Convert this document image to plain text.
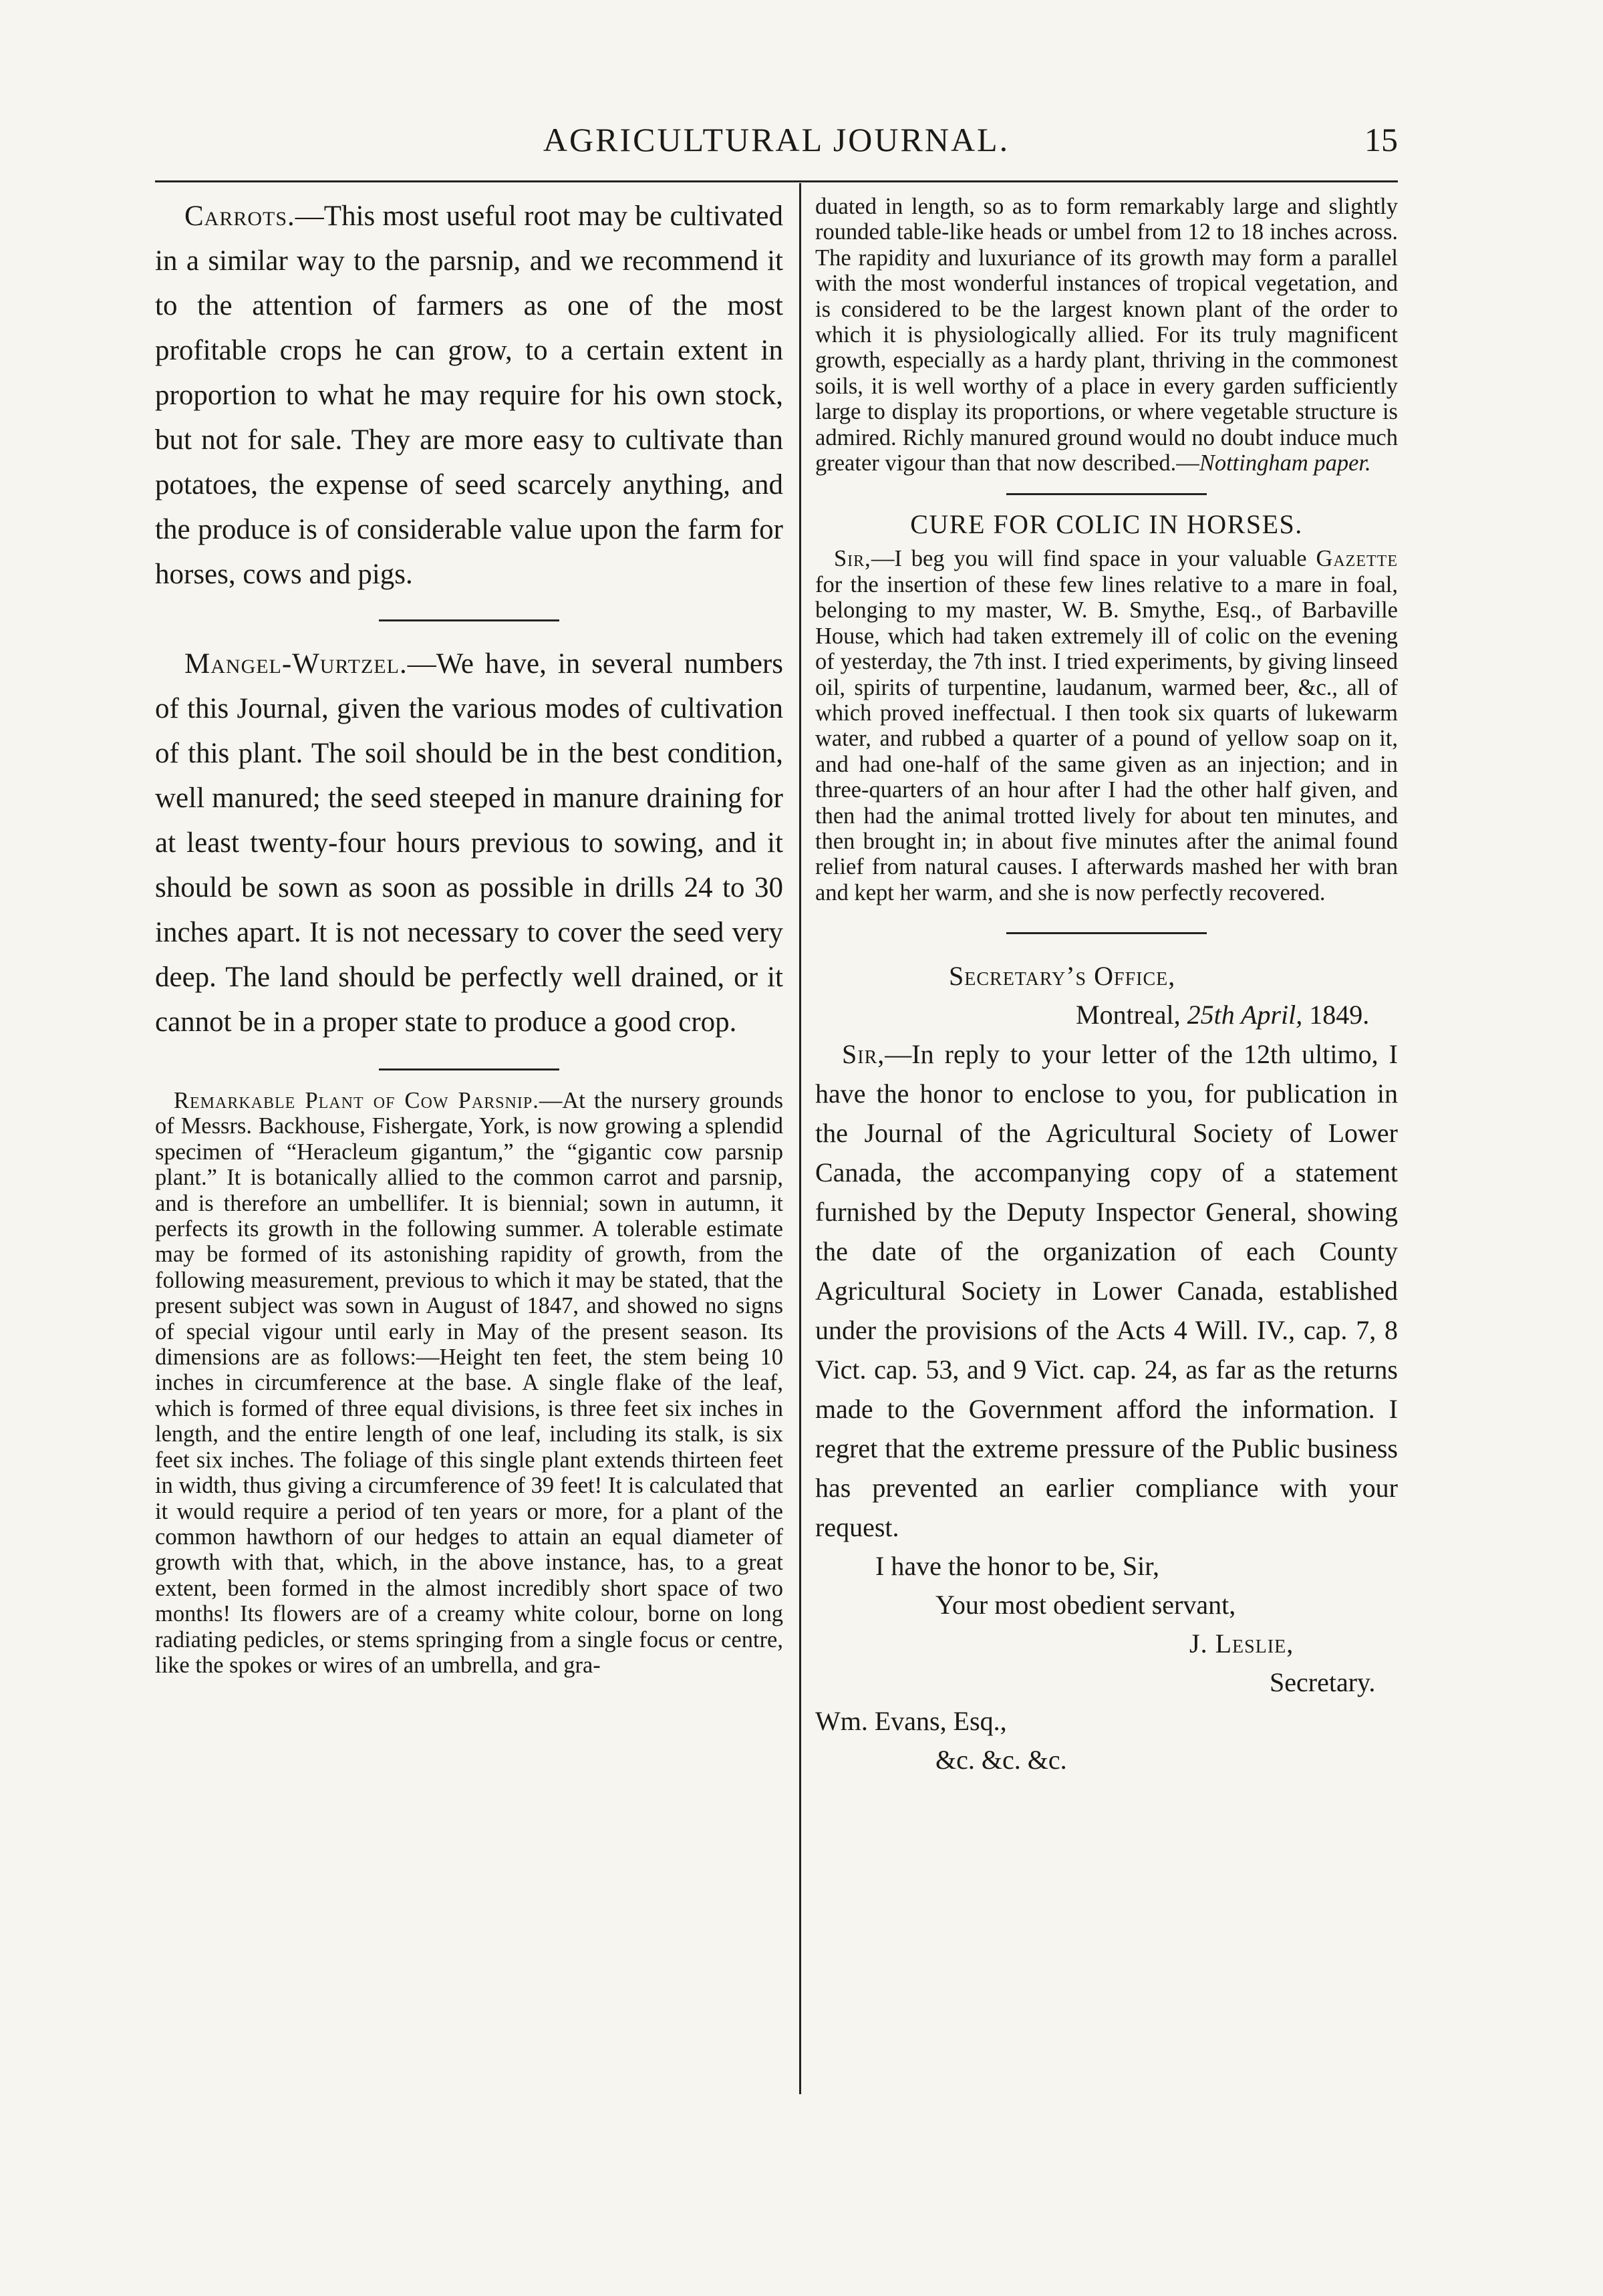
AGRICULTURAL JOURNAL.	15

Carrots.—This most useful root may be cultivated in a similar way to the parsnip, and we recommend it to the attention of farmers as one of the most profitable crops he can grow, to a certain extent in proportion to what he may require for his own stock, but not for sale. They are more easy to cultivate than potatoes, the expense of seed scarcely anything, and the produce is of considerable value upon the farm for horses, cows and pigs.

Mangel-Wurtzel.—We have, in several numbers of this Journal, given the various modes of cultivation of this plant. The soil should be in the best condition, well manured; the seed steeped in manure draining for at least twenty-four hours previous to sowing, and it should be sown as soon as possible in drills 24 to 30 inches apart. It is not necessary to cover the seed very deep. The land should be perfectly well drained, or it cannot be in a proper state to produce a good crop.

Remarkable Plant of Cow Parsnip.—At the nursery grounds of Messrs. Backhouse, Fishergate, York, is now growing a splendid specimen of “Heracleum gigantum,” the “gigantic cow parsnip plant.” It is botanically allied to the common carrot and parsnip, and is therefore an umbellifer. It is biennial; sown in autumn, it perfects its growth in the following summer. A tolerable estimate may be formed of its astonishing rapidity of growth, from the following measurement, previous to which it may be stated, that the present subject was sown in August of 1847, and showed no signs of special vigour until early in May of the present season. Its dimensions are as follows:—Height ten feet, the stem being 10 inches in circumference at the base. A single flake of the leaf, which is formed of three equal divisions, is three feet six inches in length, and the entire length of one leaf, including its stalk, is six feet six inches. The foliage of this single plant extends thirteen feet in width, thus giving a circumference of 39 feet! It is calculated that it would require a period of ten years or more, for a plant of the common hawthorn of our hedges to attain an equal diameter of growth with that, which, in the above instance, has, to a great extent, been formed in the almost incredibly short space of two months! Its flowers are of a creamy white colour, borne on long radiating pedicles, or stems springing from a single focus or centre, like the spokes or wires of an umbrella, and gra-

duated in length, so as to form remarkably large and slightly rounded table-like heads or umbel from 12 to 18 inches across. The rapidity and luxuriance of its growth may form a parallel with the most wonderful instances of tropical vegetation, and is considered to be the largest known plant of the order to which it is physiologically allied. For its truly magnificent growth, especially as a hardy plant, thriving in the commonest soils, it is well worthy of a place in every garden sufficiently large to display its proportions, or where vegetable structure is admired. Richly manured ground would no doubt induce much greater vigour than that now described.—Nottingham paper.

CURE FOR COLIC IN HORSES.

Sir,—I beg you will find space in your valuable Gazette for the insertion of these few lines relative to a mare in foal, belonging to my master, W. B. Smythe, Esq., of Barbaville House, which had taken extremely ill of colic on the evening of yesterday, the 7th inst. I tried experiments, by giving linseed oil, spirits of turpentine, laudanum, warmed beer, &c., all of which proved ineffectual. I then took six quarts of lukewarm water, and rubbed a quarter of a pound of yellow soap on it, and had one-half of the same given as an injection; and in three-quarters of an hour after I had the other half given, and then had the animal trotted lively for about ten minutes, and then brought in; in about five minutes after the animal found relief from natural causes. I afterwards mashed her with bran and kept her warm, and she is now perfectly recovered.

Secretary’s Office,
Montreal, 25th April, 1849.

Sir,—In reply to your letter of the 12th ultimo, I have the honor to enclose to you, for publication in the Journal of the Agricultural Society of Lower Canada, the accompanying copy of a statement furnished by the Deputy Inspector General, showing the date of the organization of each County Agricultural Society in Lower Canada, established under the provisions of the Acts 4 Will. IV., cap. 7, 8 Vict. cap. 53, and 9 Vict. cap. 24, as far as the returns made to the Government afford the information. I regret that the extreme pressure of the Public business has prevented an earlier compliance with your request.

I have the honor to be, Sir,
Your most obedient servant,
J. Leslie,
Secretary.
Wm. Evans, Esq.,
&c. &c. &c.
